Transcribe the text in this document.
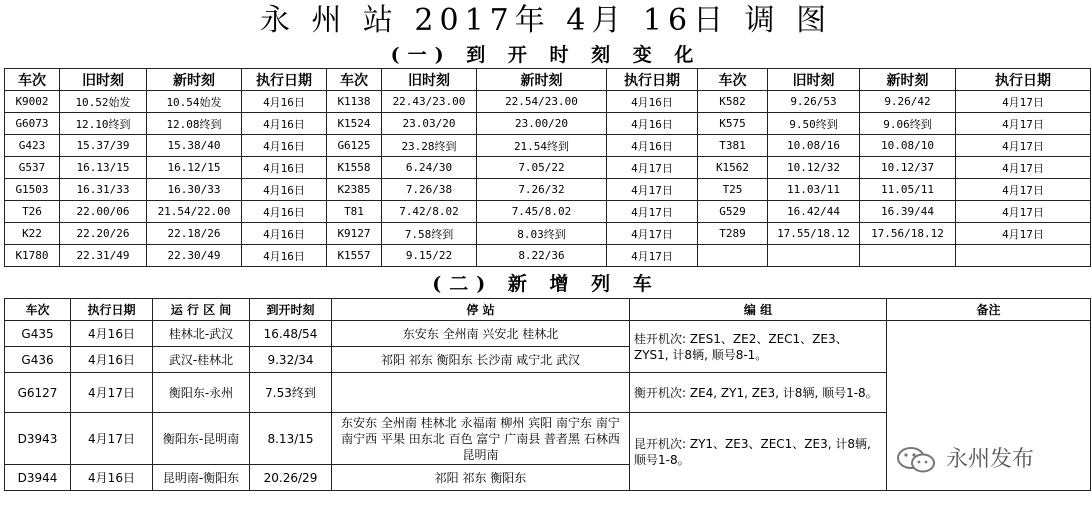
永 州 站 2017年 4月 16日 调 图
(一) 到 开 时 刻 变 化
车次	旧时刻	新时刻	执行日期	车次	旧时刻	新时刻	执行日期	车次	旧时刻	新时刻	执行日期
K9002	10.52始发	10.54始发	4月16日	K1138	22.43/23.00	22.54/23.00	4月16日	K582	9.26/53	9.26/42	4月17日
G6073	12.10终到	12.08终到	4月16日	K1524	23.03/20	23.00/20	4月16日	K575	9.50终到	9.06终到	4月17日
G423	15.37/39	15.38/40	4月16日	G6125	23.28终到	21.54终到	4月16日	T381	10.08/16	10.08/10	4月17日
G537	16.13/15	16.12/15	4月16日	K1558	6.24/30	7.05/22	4月17日	K1562	10.12/32	10.12/37	4月17日
G1503	16.31/33	16.30/33	4月16日	K2385	7.26/38	7.26/32	4月17日	T25	11.03/11	11.05/11	4月17日
T26	22.00/06	21.54/22.00	4月16日	T81	7.42/8.02	7.45/8.02	4月17日	G529	16.42/44	16.39/44	4月17日
K22	22.20/26	22.18/26	4月16日	K9127	7.58终到	8.03终到	4月17日	T289	17.55/18.12	17.56/18.12	4月17日
K1780	22.31/49	22.30/49	4月16日	K1557	9.15/22	8.22/36	4月17日				
(二) 新 增 列 车
车次	执行日期	运 行 区 间	到开时刻	停 站	编 组	备注
G435	4月16日	桂林北-武汉	16.48/54	东安东 全州南 兴安北 桂林北	桂开机次: ZES1、ZE2、ZEC1、ZE3、ZYS1, 计8辆, 顺号8-1。	
G436	4月16日	武汉-桂林北	9.32/34	祁阳 祁东 衡阳东 长沙南 咸宁北 武汉		
G6127	4月17日	衡阳东-永州	7.53终到		衡开机次: ZE4, ZY1, ZE3, 计8辆, 顺号1-8。	
D3943	4月17日	衡阳东-昆明南	8.13/15	东安东 全州南 桂林北 永福南 柳州 宾阳 南宁东 南宁 南宁西 平果 田东北 百色 富宁 广南县 普者黑 石林西 昆明南	昆开机次: ZY1、ZE3、ZEC1、ZE3, 计8辆, 顺号1-8。	
D3944	4月16日	昆明南-衡阳东	20.26/29	祁阳 祁东 衡阳东		
永州发布
